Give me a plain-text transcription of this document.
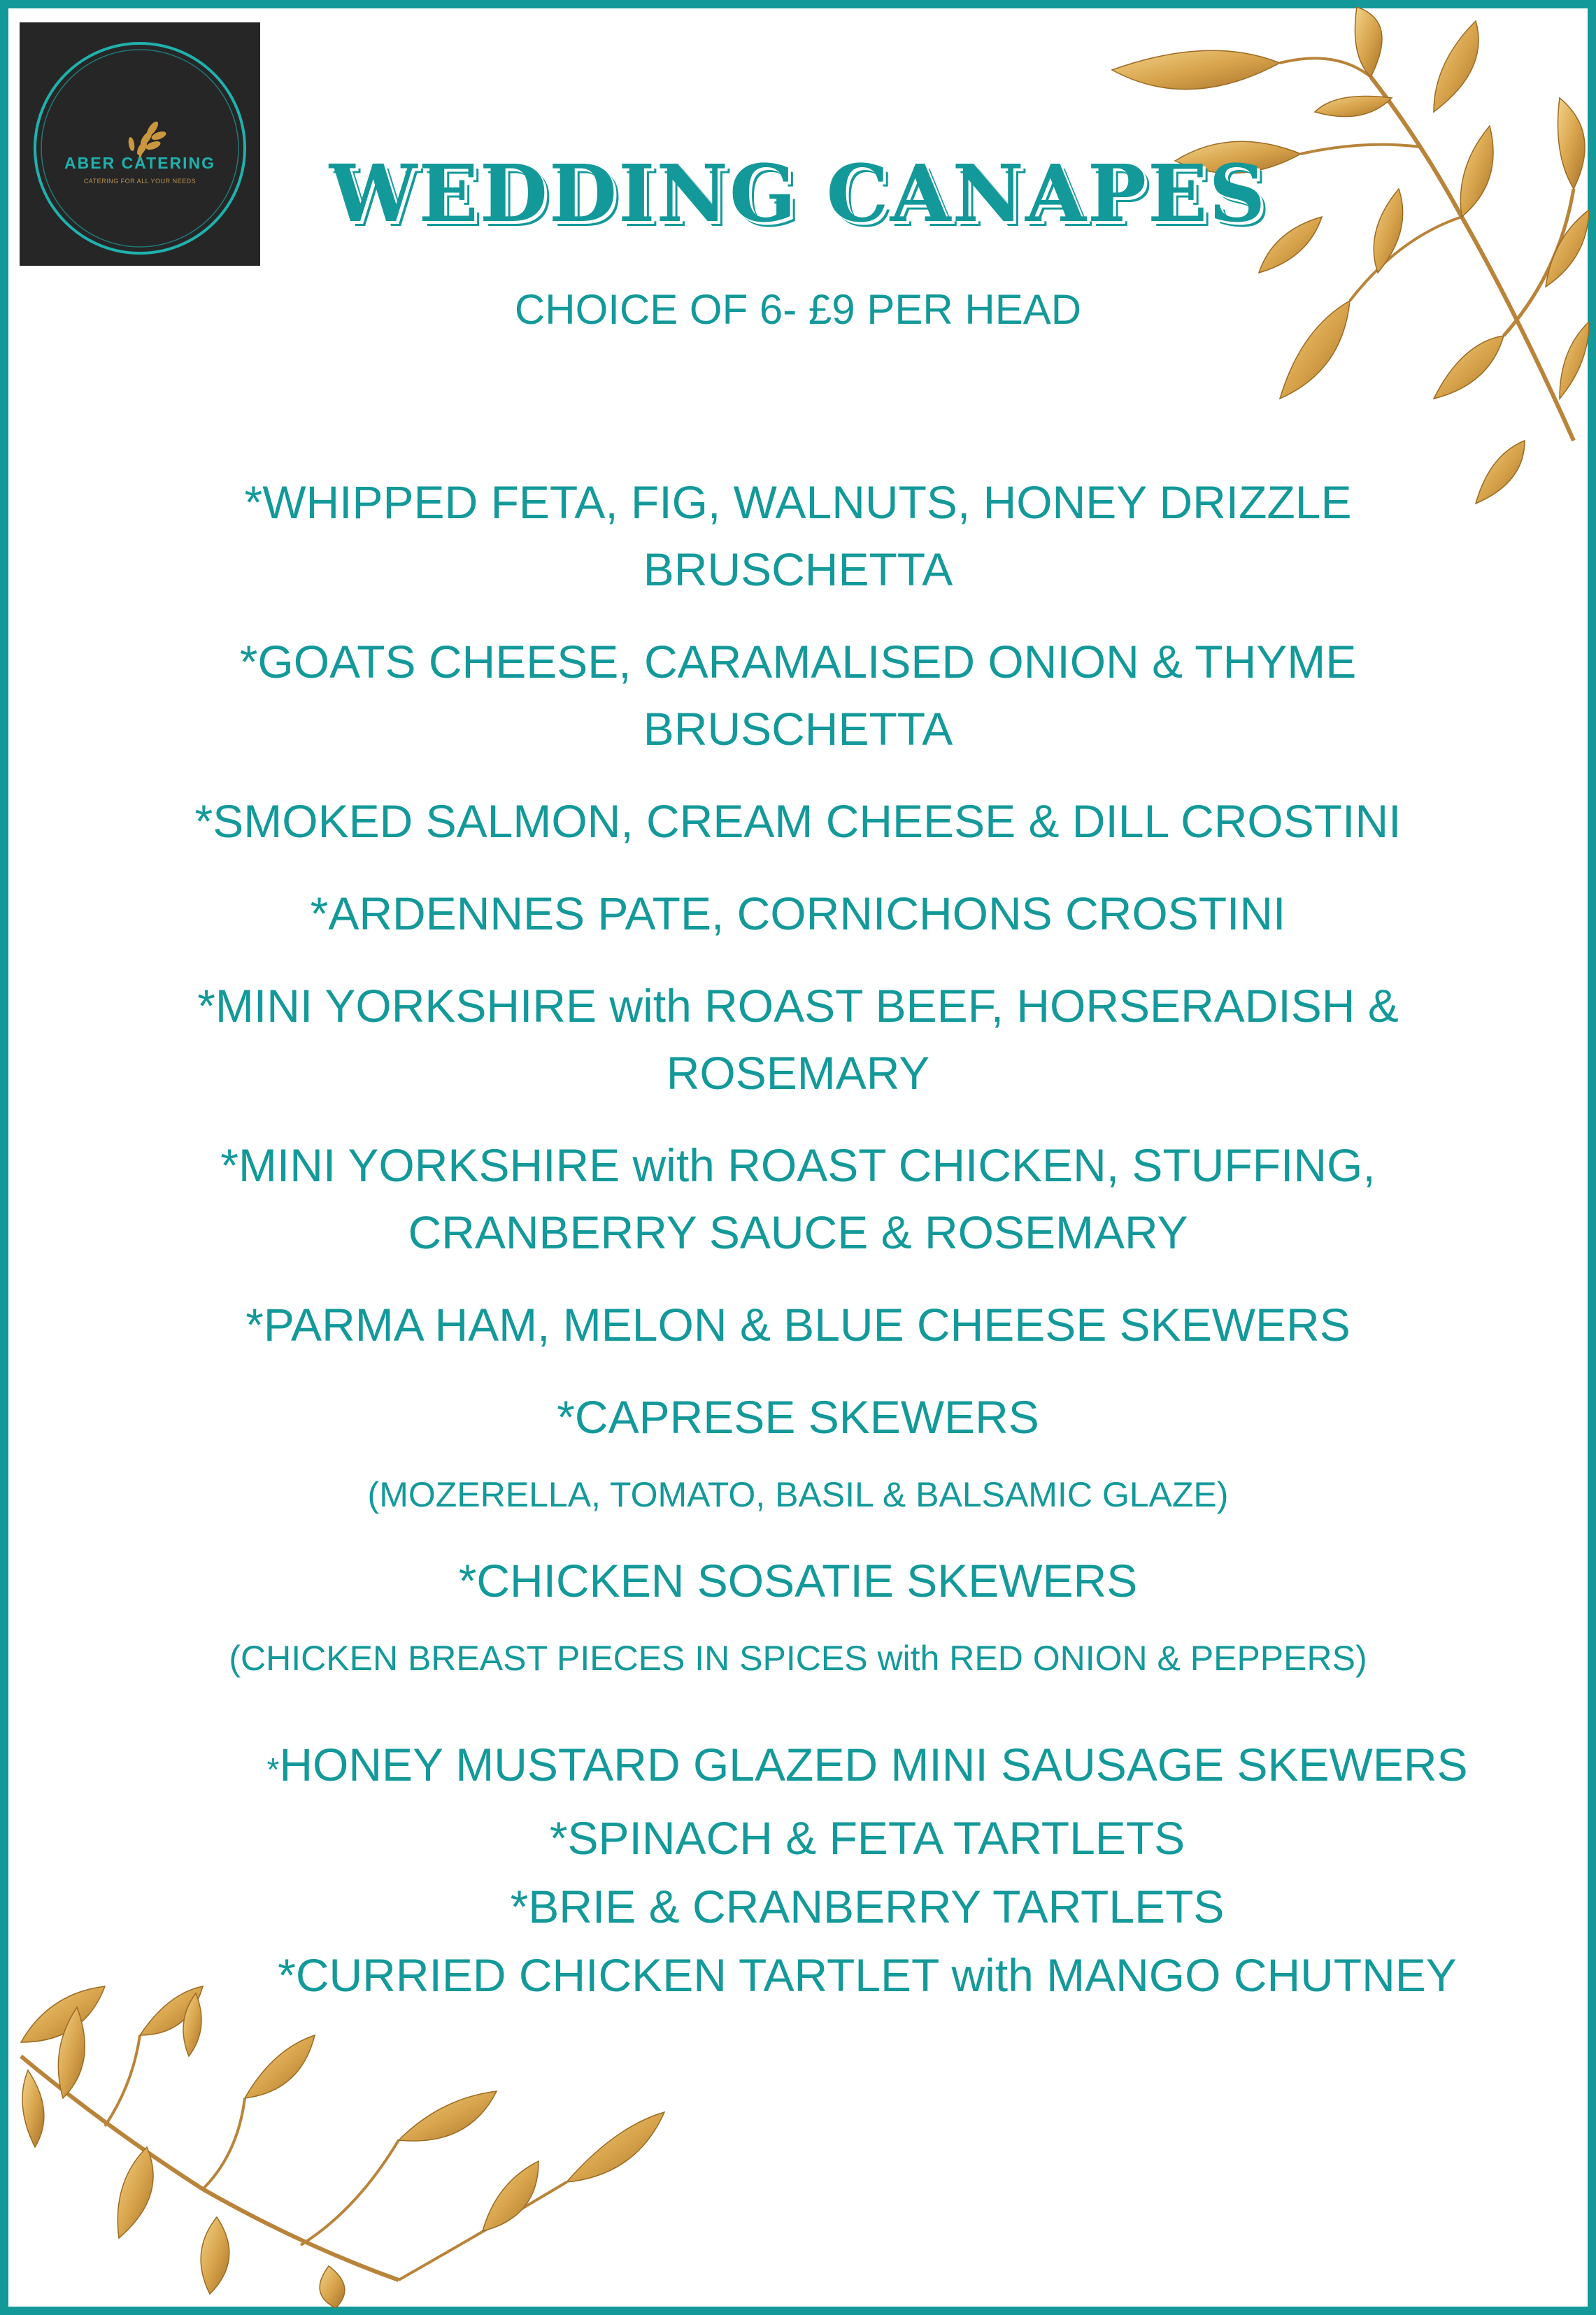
ABER CATERING
CATERING FOR ALL YOUR NEEDS	WEDDING CANAPES
CHOICE OF 6- £9 PER HEAD
*WHIPPED FETA, FIG, WALNUTS, HONEY DRIZZLE BRUSCHETTA
*GOATS CHEESE, CARAMALISED ONION & THYME BRUSCHETTA
*SMOKED SALMON, CREAM CHEESE & DILL CROSTINI
*ARDENNES PATE, CORNICHONS CROSTINI
*MINI YORKSHIRE with ROAST BEEF, HORSERADISH & ROSEMARY
*MINI YORKSHIRE with ROAST CHICKEN, STUFFING, CRANBERRY SAUCE & ROSEMARY
*PARMA HAM, MELON & BLUE CHEESE SKEWERS
*CAPRESE SKEWERS
(MOZERELLA, TOMATO, BASIL & BALSAMIC GLAZE)
*CHICKEN SOSATIE SKEWERS
(CHICKEN BREAST PIECES IN SPICES with RED ONION & PEPPERS)
*HONEY MUSTARD GLAZED MINI SAUSAGE SKEWERS
*SPINACH & FETA TARTLETS
*BRIE & CRANBERRY TARTLETS
*CURRIED CHICKEN TARTLET with MANGO CHUTNEY
